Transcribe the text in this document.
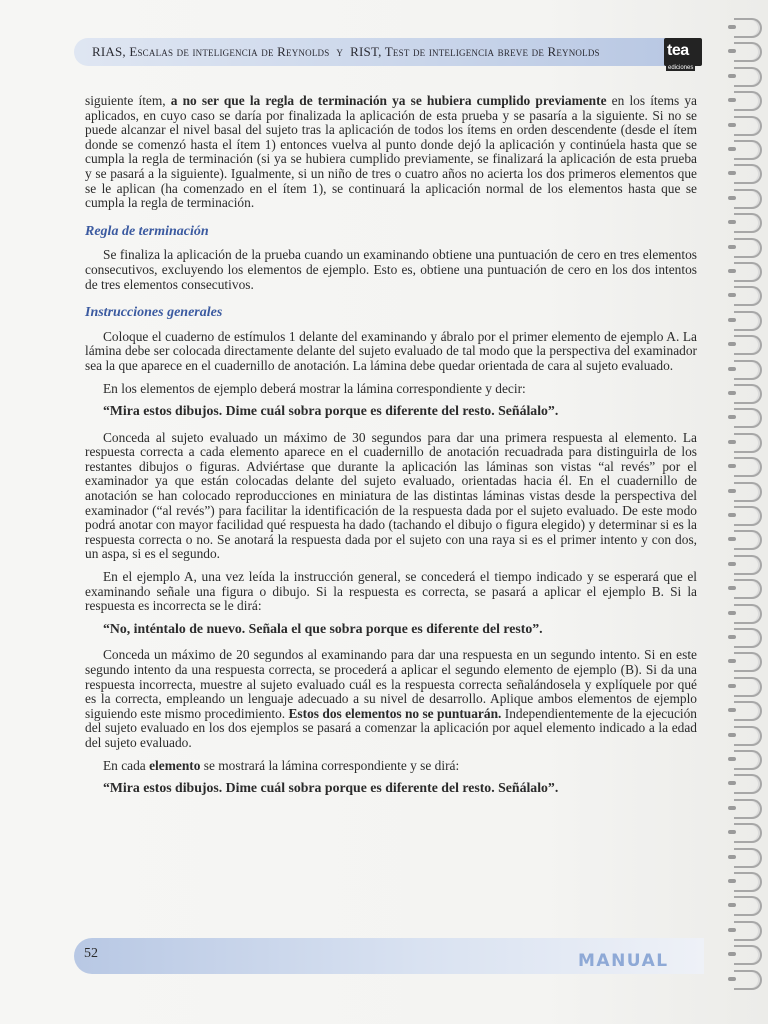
RIAS, Escalas de inteligencia de Reynolds y RIST, Test de inteligencia breve de Reynolds	tea
ediciones

siguiente ítem, a no ser que la regla de terminación ya se hubiera cumplido previamente en los ítems ya aplicados, en cuyo caso se daría por finalizada la aplicación de esta prueba y se pasaría a la siguiente. Si no se puede alcanzar el nivel basal del sujeto tras la aplicación de todos los ítems en orden descendente (desde el ítem donde se comenzó hasta el ítem 1) entonces vuelva al punto donde dejó la aplicación y continúela hasta que se cumpla la regla de terminación (si ya se hubiera cumplido previamente, se finalizará la aplicación de esta prueba y se pasará a la siguiente). Igualmente, si un niño de tres o cuatro años no acierta los dos primeros elementos que se le aplican (ha comenzado en el ítem 1), se continuará la aplicación normal de los elementos hasta que se cumpla la regla de terminación.

Regla de terminación

Se finaliza la aplicación de la prueba cuando un examinando obtiene una puntuación de cero en tres elementos consecutivos, excluyendo los elementos de ejemplo. Esto es, obtiene una puntuación de cero en los dos intentos de tres elementos consecutivos.

Instrucciones generales

Coloque el cuaderno de estímulos 1 delante del examinando y ábralo por el primer elemento de ejemplo A. La lámina debe ser colocada directamente delante del sujeto evaluado de tal modo que la perspectiva del examinador sea la que aparece en el cuadernillo de anotación. La lámina debe quedar orientada de cara al sujeto evaluado.

En los elementos de ejemplo deberá mostrar la lámina correspondiente y decir:

“Mira estos dibujos. Dime cuál sobra porque es diferente del resto. Señálalo”.

Conceda al sujeto evaluado un máximo de 30 segundos para dar una primera respuesta al elemento. La respuesta correcta a cada elemento aparece en el cuadernillo de anotación recuadrada para distinguirla de los restantes dibujos o figuras. Adviértase que durante la aplicación las láminas son vistas “al revés” por el examinador ya que están colocadas delante del sujeto evaluado, orientadas hacia él. En el cuadernillo de anotación se han colocado reproducciones en miniatura de las distintas láminas vistas desde la perspectiva del examinador (“al revés”) para facilitar la identificación de la respuesta dada por el sujeto evaluado. De este modo podrá anotar con mayor facilidad qué respuesta ha dado (tachando el dibujo o figura elegido) y determinar si es la respuesta correcta o no. Se anotará la respuesta dada por el sujeto con una raya si es el primer intento y con dos, un aspa, si es el segundo.

En el ejemplo A, una vez leída la instrucción general, se concederá el tiempo indicado y se esperará que el examinando señale una figura o dibujo. Si la respuesta es correcta, se pasará a aplicar el ejemplo B. Si la respuesta es incorrecta se le dirá:

“No, inténtalo de nuevo. Señala el que sobra porque es diferente del resto”.

Conceda un máximo de 20 segundos al examinando para dar una respuesta en un segundo intento. Si en este segundo intento da una respuesta correcta, se procederá a aplicar el segundo elemento de ejemplo (B). Si da una respuesta incorrecta, muestre al sujeto evaluado cuál es la respuesta correcta señalándosela y explíquele por qué es la correcta, empleando un lenguaje adecuado a su nivel de desarrollo. Aplique ambos elementos de ejemplo siguiendo este mismo procedimiento. Estos dos elementos no se puntuarán. Independientemente de la ejecución del sujeto evaluado en los dos ejemplos se pasará a comenzar la aplicación por aquel elemento indicado a la edad del sujeto evaluado.

En cada elemento se mostrará la lámina correspondiente y se dirá:

“Mira estos dibujos. Dime cuál sobra porque es diferente del resto. Señálalo”.

52	MANUAL
